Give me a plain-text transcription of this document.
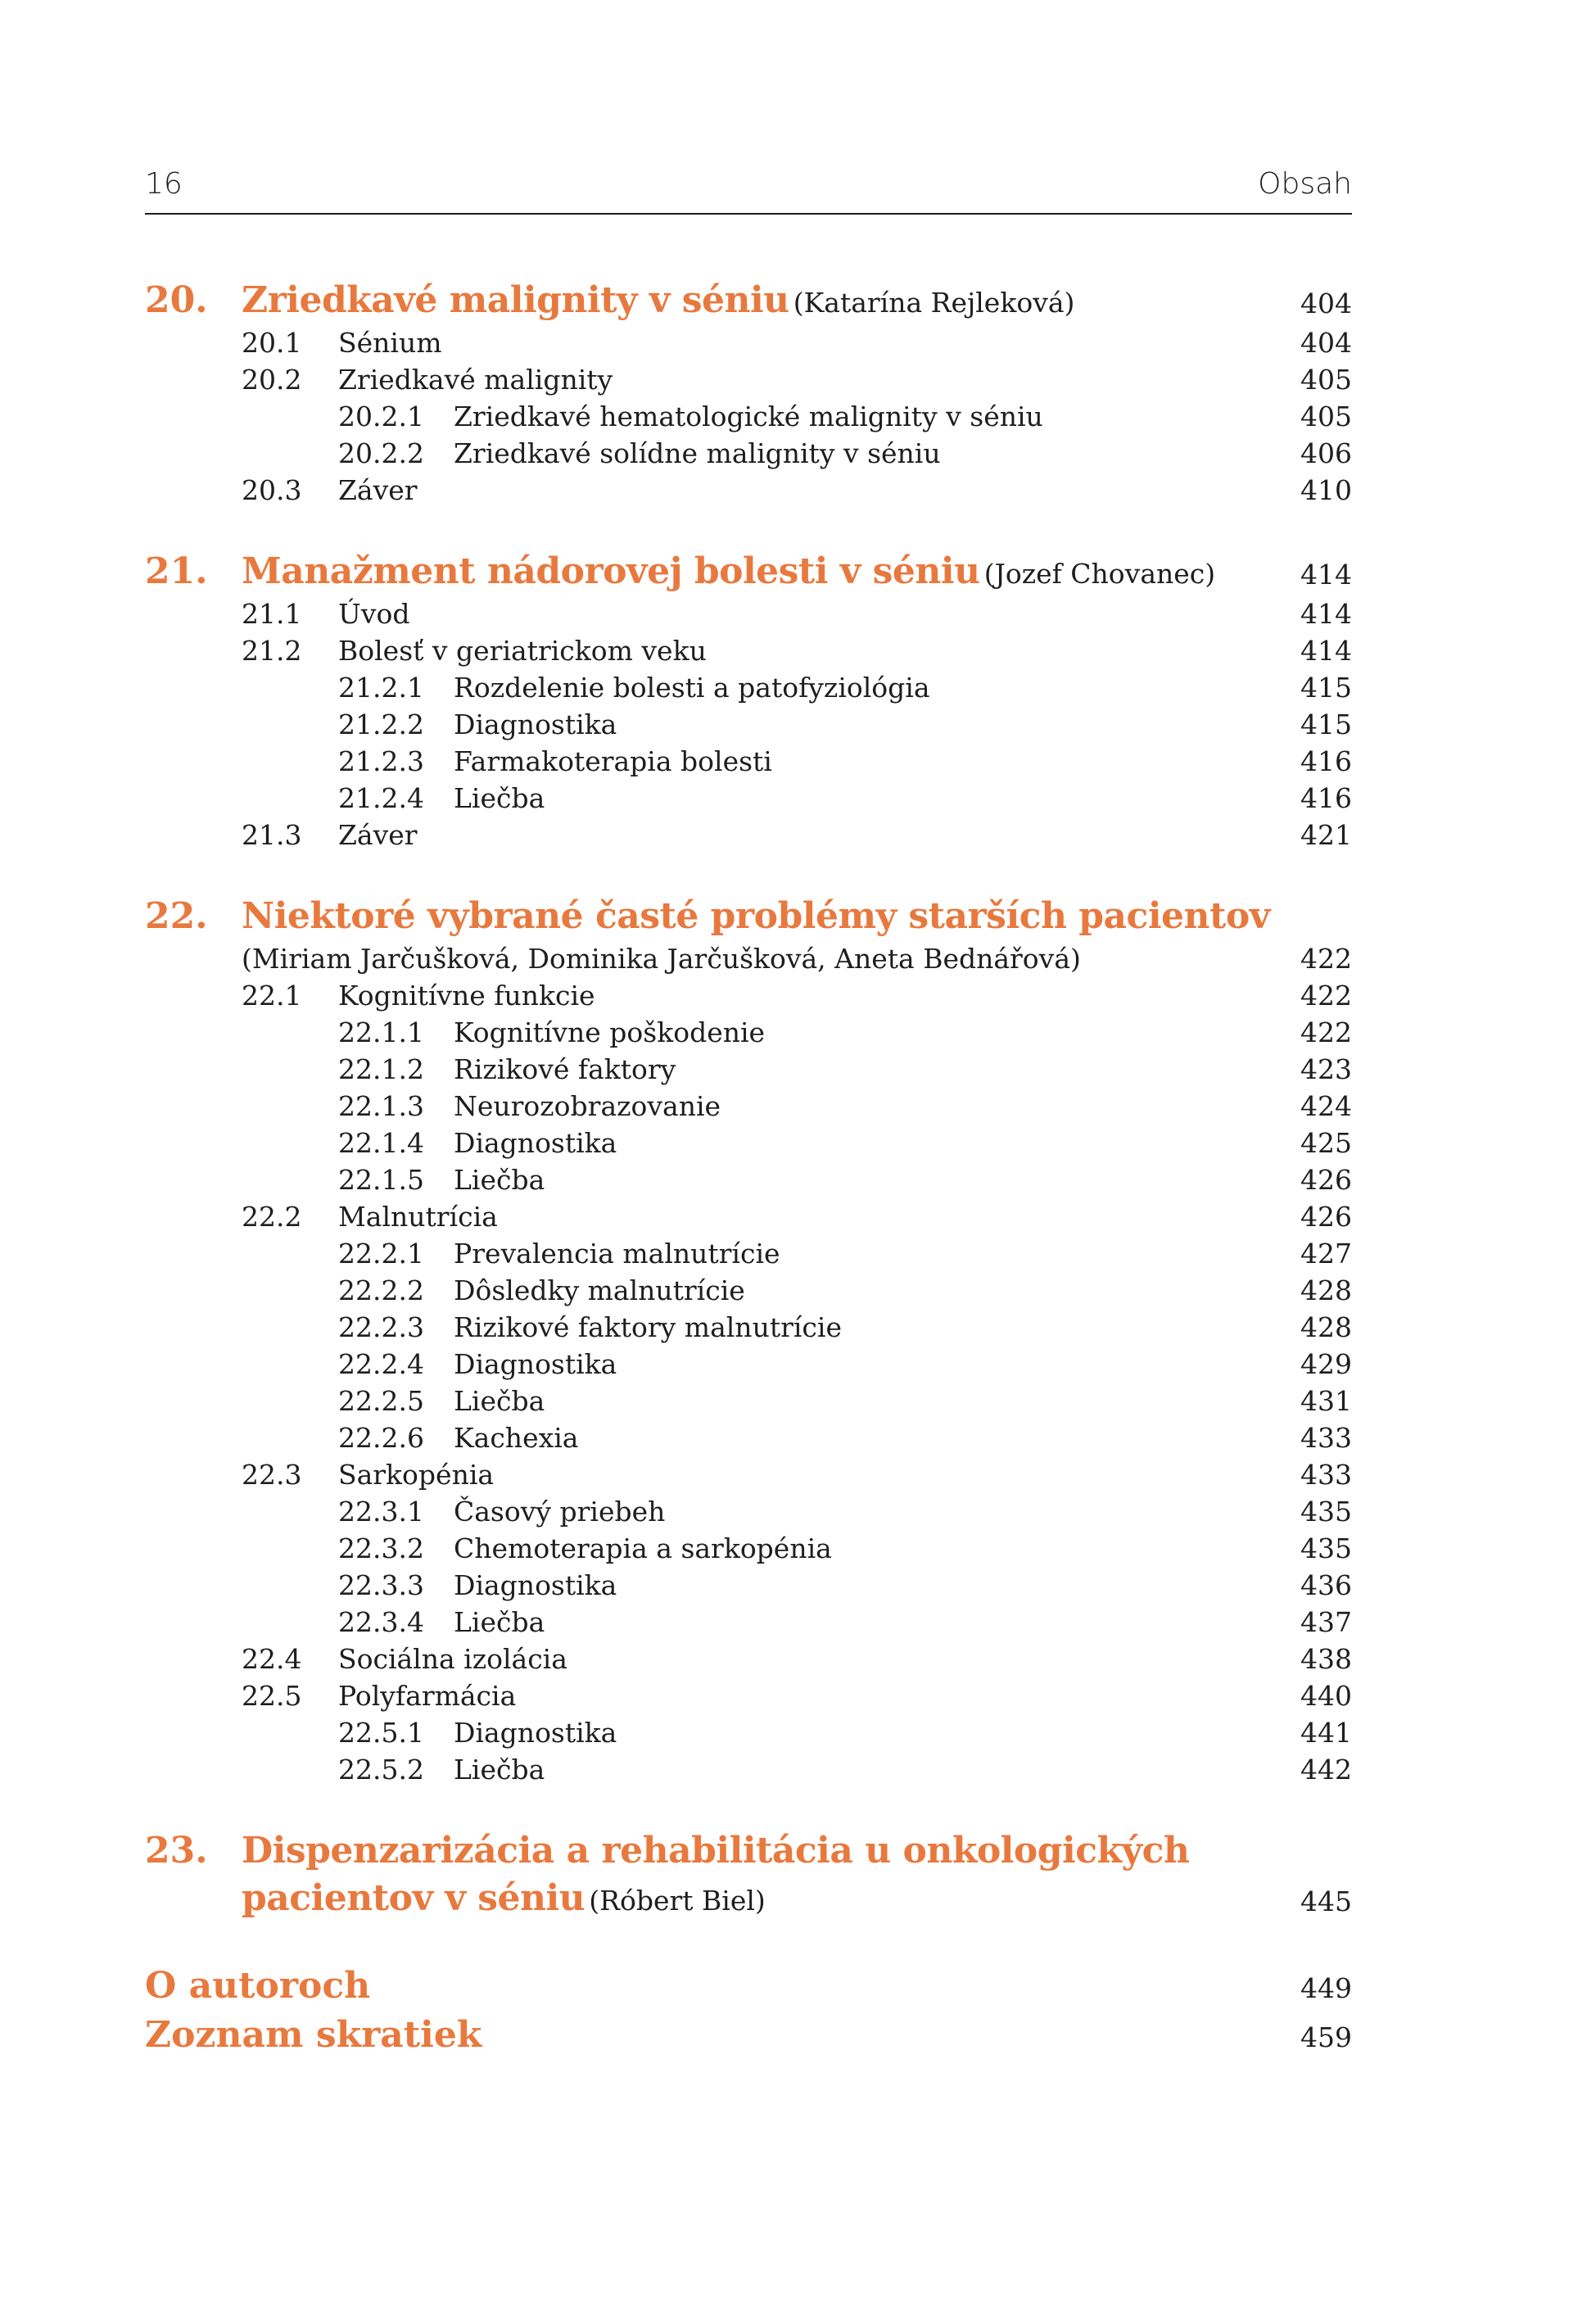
16	Obsah
20. Zriedkavé malignity v séniu (Katarína Rejleková)	404
20.1 Sénium	404
20.2 Zriedkavé malignity	405
20.2.1 Zriedkavé hematologické malignity v séniu	405
20.2.2 Zriedkavé solídne malignity v séniu	406
20.3 Záver	410
21. Manažment nádorovej bolesti v séniu (Jozef Chovanec)	414
21.1 Úvod	414
21.2 Bolesť v geriatrickom veku	414
21.2.1 Rozdelenie bolesti a patofyziológia	415
21.2.2 Diagnostika	415
21.2.3 Farmakoterapia bolesti	416
21.2.4 Liečba	416
21.3 Záver	421
22. Niektoré vybrané časté problémy starších pacientov
(Miriam Jarčušková, Dominika Jarčušková, Aneta Bednářová)	422
22.1 Kognitívne funkcie	422
22.1.1 Kognitívne poškodenie	422
22.1.2 Rizikové faktory	423
22.1.3 Neurozobrazovanie	424
22.1.4 Diagnostika	425
22.1.5 Liečba	426
22.2 Malnutrícia	426
22.2.1 Prevalencia malnutrície	427
22.2.2 Dôsledky malnutrície	428
22.2.3 Rizikové faktory malnutrície	428
22.2.4 Diagnostika	429
22.2.5 Liečba	431
22.2.6 Kachexia	433
22.3 Sarkopénia	433
22.3.1 Časový priebeh	435
22.3.2 Chemoterapia a sarkopénia	435
22.3.3 Diagnostika	436
22.3.4 Liečba	437
22.4 Sociálna izolácia	438
22.5 Polyfarmácia	440
22.5.1 Diagnostika	441
22.5.2 Liečba	442
23. Dispenzarizácia a rehabilitácia u onkologických
pacientov v séniu (Róbert Biel)	445
O autoroch	449
Zoznam skratiek	459
